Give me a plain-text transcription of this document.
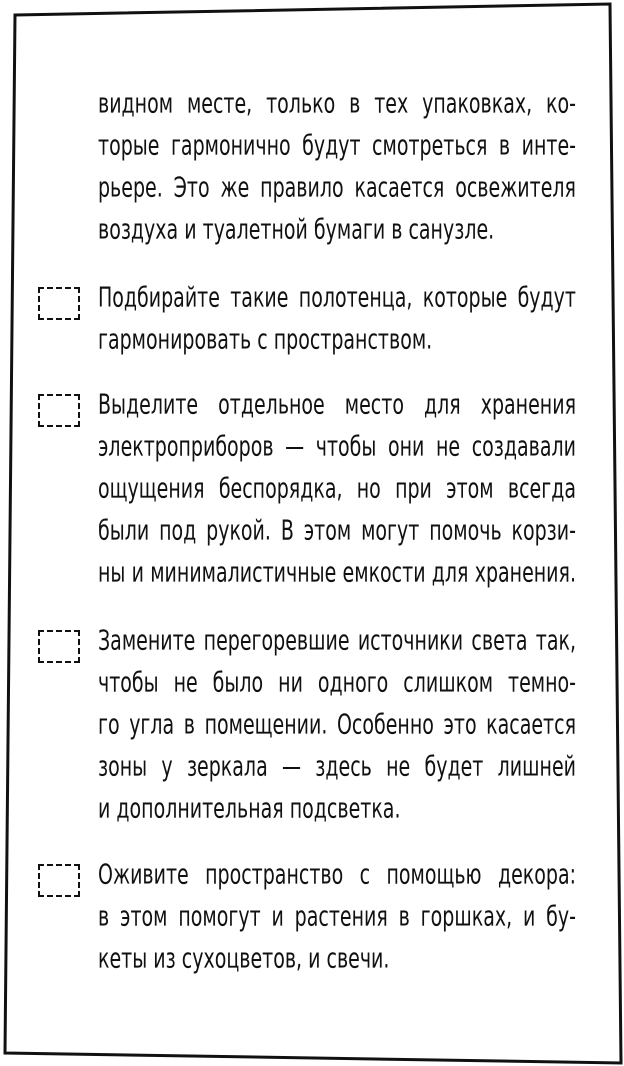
видном месте, только в тех упаковках, ко-
торые гармонично будут смотреться в инте-
рьере. Это же правило касается освежителя
воздуха и туалетной бумаги в санузле.
Подбирайте такие полотенца, которые будут
гармонировать с пространством.
Выделите отдельное место для хранения
электроприборов — чтобы они не создавали
ощущения беспорядка, но при этом всегда
были под рукой. В этом могут помочь корзи-
ны и минималистичные емкости для хранения.
Замените перегоревшие источники света так,
чтобы не было ни одного слишком темно-
го угла в помещении. Особенно это касается
зоны у зеркала — здесь не будет лишней
и дополнительная подсветка.
Оживите пространство с помощью декора:
в этом помогут и растения в горшках, и бу-
кеты из сухоцветов, и свечи.
